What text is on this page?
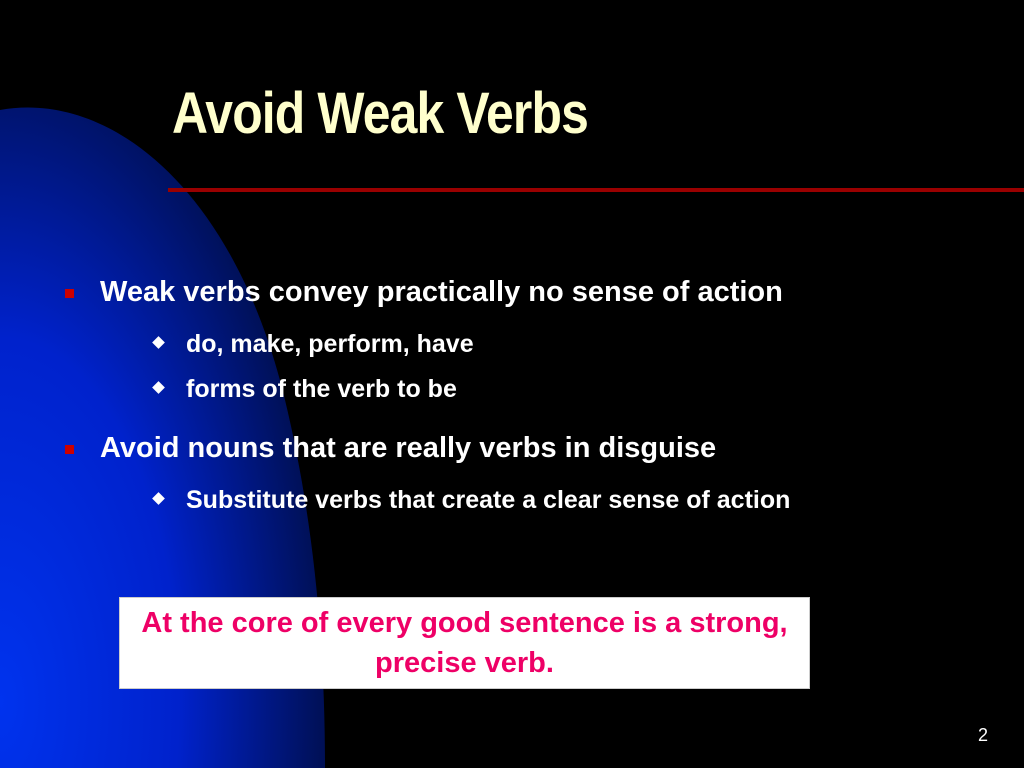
Avoid Weak Verbs
Weak verbs convey practically no sense of action
do, make, perform, have
forms of the verb to be
Avoid nouns that are really verbs in disguise
Substitute verbs that create a clear sense of action
At the core of every good sentence is a strong, precise verb.
2
